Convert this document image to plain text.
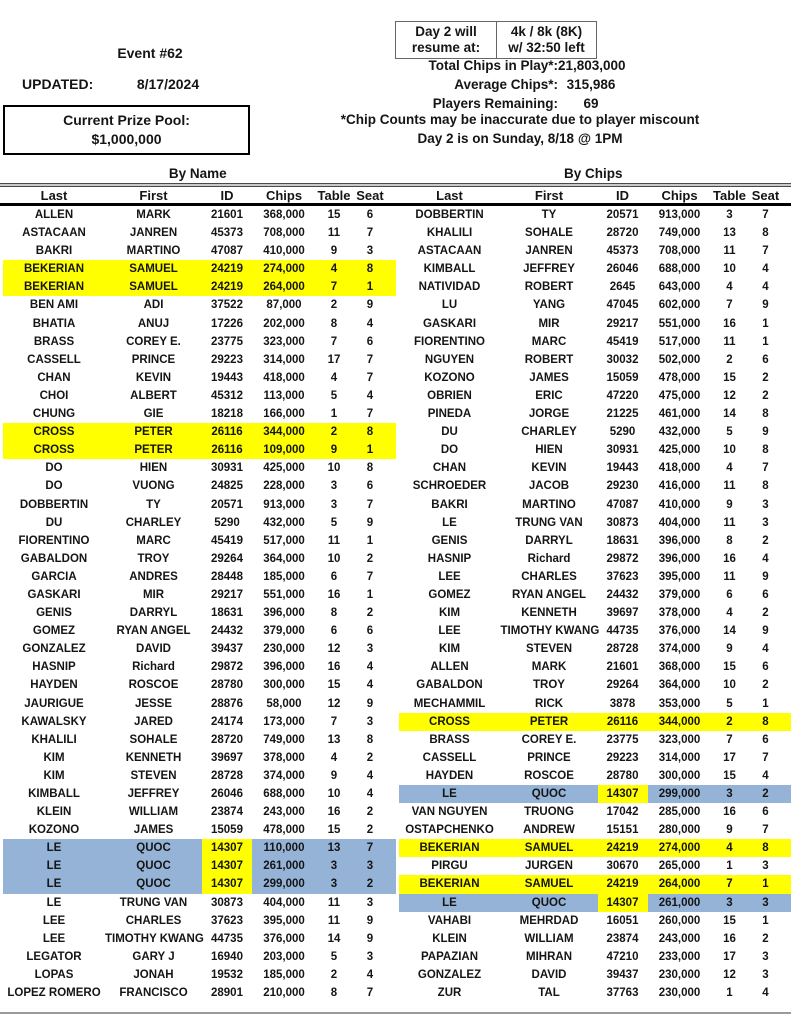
Event #62
UPDATED:	8/17/2024
Current Prize Pool:
$1,000,000
Day 2 will
resume at:
4k / 8k (8K)
w/ 32:50 left
Total Chips in Play*: 21,803,000
Average Chips*: 315,986
Players Remaining:	69
*Chip Counts may be inaccurate due to player miscount
Day 2 is on Sunday, 8/18 @ 1PM
By Name	By Chips
Last	First	ID	Chips	Table Seat	Last	First	ID	Chips	Table Seat
ALLEN	MARK	21601	368,000	15	6
ASTACAAN	JANREN	45373	708,000	11	7
BAKRI	MARTINO	47087	410,000	9	3
BEKERIAN	SAMUEL	24219	274,000	4	8
BEKERIAN	SAMUEL	24219	264,000	7	1
BEN AMI	ADI	37522	87,000	2	9
BHATIA	ANUJ	17226	202,000	8	4
BRASS	COREY E.	23775	323,000	7	6
CASSELL	PRINCE	29223	314,000	17	7
CHAN	KEVIN	19443	418,000	4	7
CHOI	ALBERT	45312	113,000	5	4
CHUNG	GIE	18218	166,000	1	7
CROSS	PETER	26116	344,000	2	8
CROSS	PETER	26116	109,000	9	1
DO	HIEN	30931	425,000	10	8
DO	VUONG	24825	228,000	3	6
DOBBERTIN	TY	20571	913,000	3	7
DU	CHARLEY	5290	432,000	5	9
FIORENTINO	MARC	45419	517,000	11	1
GABALDON	TROY	29264	364,000	10	2
GARCIA	ANDRES	28448	185,000	6	7
GASKARI	MIR	29217	551,000	16	1
GENIS	DARRYL	18631	396,000	8	2
GOMEZ	RYAN ANGEL	24432	379,000	6	6
GONZALEZ	DAVID	39437	230,000	12	3
HASNIP	Richard	29872	396,000	16	4
HAYDEN	ROSCOE	28780	300,000	15	4
JAURIGUE	JESSE	28876	58,000	12	9
KAWALSKY	JARED	24174	173,000	7	3
KHALILI	SOHALE	28720	749,000	13	8
KIM	KENNETH	39697	378,000	4	2
KIM	STEVEN	28728	374,000	9	4
KIMBALL	JEFFREY	26046	688,000	10	4
KLEIN	WILLIAM	23874	243,000	16	2
KOZONO	JAMES	15059	478,000	15	2
LE	QUOC	14307	110,000	13	7
LE	QUOC	14307	261,000	3	3
LE	QUOC	14307	299,000	3	2
LE	TRUNG VAN	30873	404,000	11	3
LEE	CHARLES	37623	395,000	11	9
LEE	TIMOTHY KWANG 44735	376,000	14	9
LEGATOR	GARY J	16940	203,000	5	3
LOPAS	JONAH	19532	185,000	2	4
LOPEZ ROMERO	FRANCISCO	28901	210,000	8	7
DOBBERTIN	TY	20571	913,000	3	7
KHALILI	SOHALE	28720	749,000	13	8
ASTACAAN	JANREN	45373	708,000	11	7
KIMBALL	JEFFREY	26046	688,000	10	4
NATIVIDAD	ROBERT	2645	643,000	4	4
LU	YANG	47045	602,000	7	9
GASKARI	MIR	29217	551,000	16	1
FIORENTINO	MARC	45419	517,000	11	1
NGUYEN	ROBERT	30032	502,000	2	6
KOZONO	JAMES	15059	478,000	15	2
OBRIEN	ERIC	47220	475,000	12	2
PINEDA	JORGE	21225	461,000	14	8
DU	CHARLEY	5290	432,000	5	9
DO	HIEN	30931	425,000	10	8
CHAN	KEVIN	19443	418,000	4	7
SCHROEDER	JACOB	29230	416,000	11	8
BAKRI	MARTINO	47087	410,000	9	3
LE	TRUNG VAN	30873	404,000	11	3
GENIS	DARRYL	18631	396,000	8	2
HASNIP	Richard	29872	396,000	16	4
LEE	CHARLES	37623	395,000	11	9
GOMEZ	RYAN ANGEL	24432	379,000	6	6
KIM	KENNETH	39697	378,000	4	2
LEE	TIMOTHY KWANG 44735	376,000	14	9
KIM	STEVEN	28728	374,000	9	4
ALLEN	MARK	21601	368,000	15	6
GABALDON	TROY	29264	364,000	10	2
MECHAMMIL	RICK	3878	353,000	5	1
CROSS	PETER	26116	344,000	2	8
BRASS	COREY E.	23775	323,000	7	6
CASSELL	PRINCE	29223	314,000	17	7
HAYDEN	ROSCOE	28780	300,000	15	4
LE	QUOC	14307	299,000	3	2
VAN NGUYEN	TRUONG	17042	285,000	16	6
OSTAPCHENKO	ANDREW	15151	280,000	9	7
BEKERIAN	SAMUEL	24219	274,000	4	8
PIRGU	JURGEN	30670	265,000	1	3
BEKERIAN	SAMUEL	24219	264,000	7	1
LE	QUOC	14307	261,000	3	3
VAHABI	MEHRDAD	16051	260,000	15	1
KLEIN	WILLIAM	23874	243,000	16	2
PAPAZIAN	MIHRAN	47210	233,000	17	3
GONZALEZ	DAVID	39437	230,000	12	3
ZUR	TAL	37763	230,000	1	4
